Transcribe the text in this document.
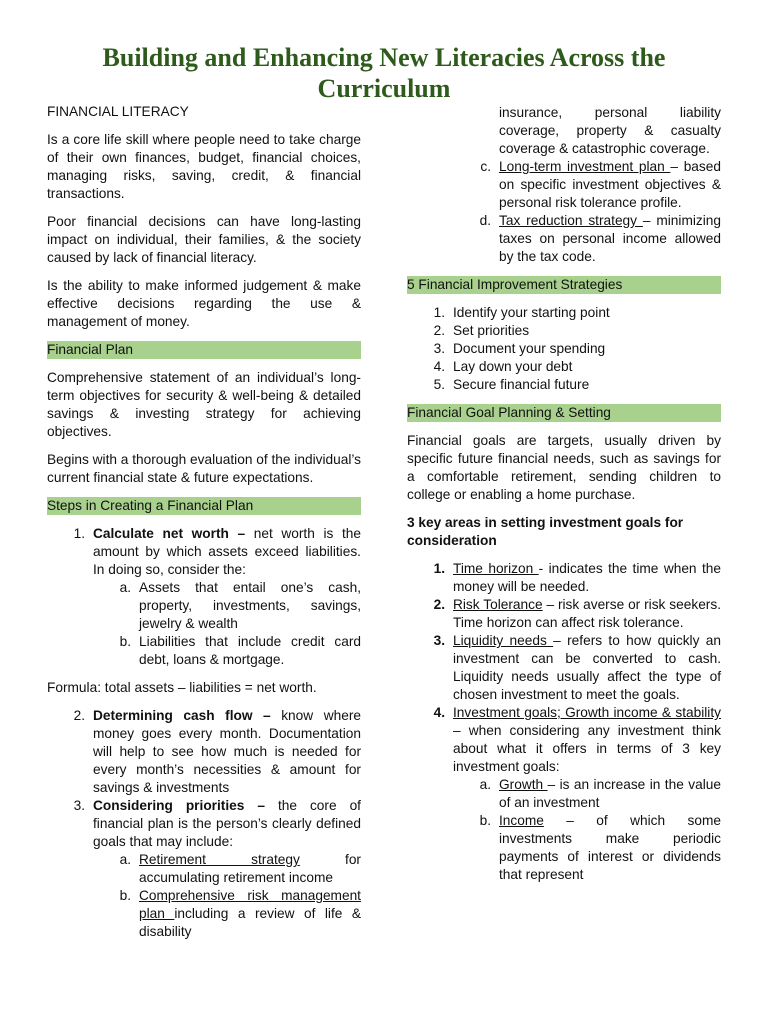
Building and Enhancing New Literacies Across the Curriculum

FINANCIAL LITERACY

Is a core life skill where people need to take charge of their own finances, budget, financial choices, managing risks, saving, credit, & financial transactions.

Poor financial decisions can have long-lasting impact on individual, their families, & the society caused by lack of financial literacy.

Is the ability to make informed judgement & make effective decisions regarding the use & management of money.

Financial Plan

Comprehensive statement of an individual’s long-term objectives for security & well-being & detailed savings & investing strategy for achieving objectives.

Begins with a thorough evaluation of the individual’s current financial state & future expectations.

Steps in Creating a Financial Plan
1. Calculate net worth – net worth is the amount by which assets exceed liabilities. In doing so, consider the:
a. Assets that entail one’s cash, property, investments, savings, jewelry & wealth
b. Liabilities that include credit card debt, loans & mortgage.

Formula: total assets – liabilities = net worth.

2. Determining cash flow – know where money goes every month. Documentation will help to see how much is needed for every month’s necessities & amount for savings & investments
3. Considering priorities – the core of financial plan is the person’s clearly defined goals that may include:
a. Retirement strategy for accumulating retirement income
b. Comprehensive risk management plan including a review of life & disability
insurance, personal liability coverage, property & casualty coverage & catastrophic coverage.
c. Long-term investment plan – based on specific investment objectives & personal risk tolerance profile.
d. Tax reduction strategy – minimizing taxes on personal income allowed by the tax code.
5 Financial Improvement Strategies
1. Identify your starting point
2. Set priorities
3. Document your spending
4. Lay down your debt
5. Secure financial future
Financial Goal Planning & Setting

Financial goals are targets, usually driven by specific future financial needs, such as savings for a comfortable retirement, sending children to college or enabling a home purchase.

3 key areas in setting investment goals for consideration

1. Time horizon - indicates the time when the money will be needed.
2. Risk Tolerance – risk averse or risk seekers. Time horizon can affect risk tolerance.
3. Liquidity needs – refers to how quickly an investment can be converted to cash. Liquidity needs usually affect the type of chosen investment to meet the goals.
4. Investment goals; Growth income & stability – when considering any investment think about what it offers in terms of 3 key investment goals:
a. Growth – is an increase in the value of an investment
b. Income – of which some investments make periodic payments of interest or dividends that represent
